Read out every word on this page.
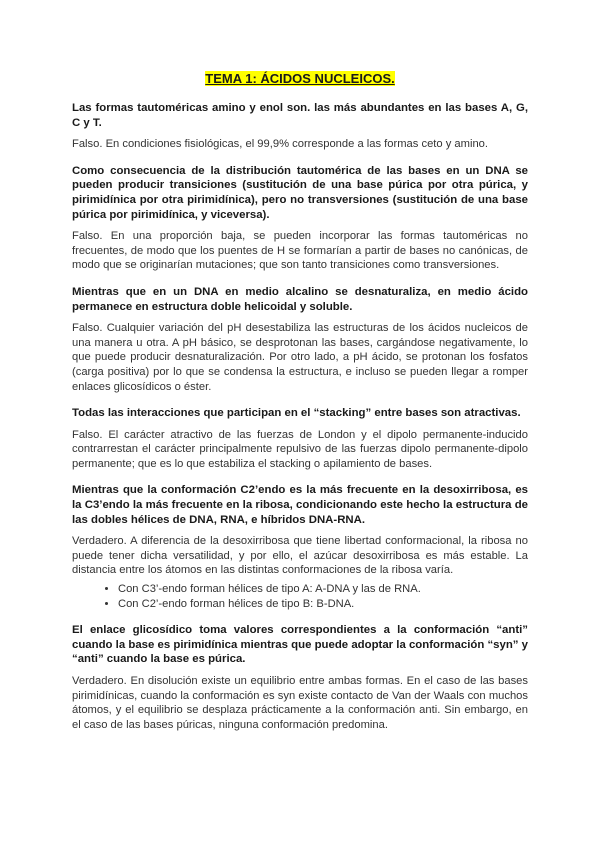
TEMA 1: ÁCIDOS NUCLEICOS.

Las formas tautoméricas amino y enol son. las más abundantes en las bases A, G, C y T.

Falso. En condiciones fisiológicas, el 99,9% corresponde a las formas ceto y amino.

Como consecuencia de la distribución tautomérica de las bases en un DNA se pueden producir transiciones (sustitución de una base púrica por otra púrica, y pirimidínica por otra pirimidínica), pero no transversiones (sustitución de una base púrica por pirimidínica, y viceversa).

Falso. En una proporción baja, se pueden incorporar las formas tautoméricas no frecuentes, de modo que los puentes de H se formarían a partir de bases no canónicas, de modo que se originarían mutaciones; que son tanto transiciones como transversiones.

Mientras que en un DNA en medio alcalino se desnaturaliza, en medio ácido permanece en estructura doble helicoidal y soluble.

Falso. Cualquier variación del pH desestabiliza las estructuras de los ácidos nucleicos de una manera u otra. A pH básico, se desprotonan las bases, cargándose negativamente, lo que puede producir desnaturalización. Por otro lado, a pH ácido, se protonan los fosfatos (carga positiva) por lo que se condensa la estructura, e incluso se pueden llegar a romper enlaces glicosídicos o éster.

Todas las interacciones que participan en el “stacking” entre bases son atractivas.

Falso. El carácter atractivo de las fuerzas de London y el dipolo permanente-inducido contrarrestan el carácter principalmente repulsivo de las fuerzas dipolo permanente-dipolo permanente; que es lo que estabiliza el stacking o apilamiento de bases.

Mientras que la conformación C2’endo es la más frecuente en la desoxirribosa, es la C3’endo la más frecuente en la ribosa, condicionando este hecho la estructura de las dobles hélices de DNA, RNA, e híbridos DNA-RNA.

Verdadero. A diferencia de la desoxirribosa que tiene libertad conformacional, la ribosa no puede tener dicha versatilidad, y por ello, el azúcar desoxirribosa es más estable. La distancia entre los átomos en las distintas conformaciones de la ribosa varía.

• Con C3’-endo forman hélices de tipo A: A-DNA y las de RNA.
• Con C2’-endo forman hélices de tipo B: B-DNA.

El enlace glicosídico toma valores correspondientes a la conformación “anti” cuando la base es pirimidínica mientras que puede adoptar la conformación “syn” y “anti” cuando la base es púrica.

Verdadero. En disolución existe un equilibrio entre ambas formas. En el caso de las bases pirimidínicas, cuando la conformación es syn existe contacto de Van der Waals con muchos átomos, y el equilibrio se desplaza prácticamente a la conformación anti. Sin embargo, en el caso de las bases púricas, ninguna conformación predomina.
